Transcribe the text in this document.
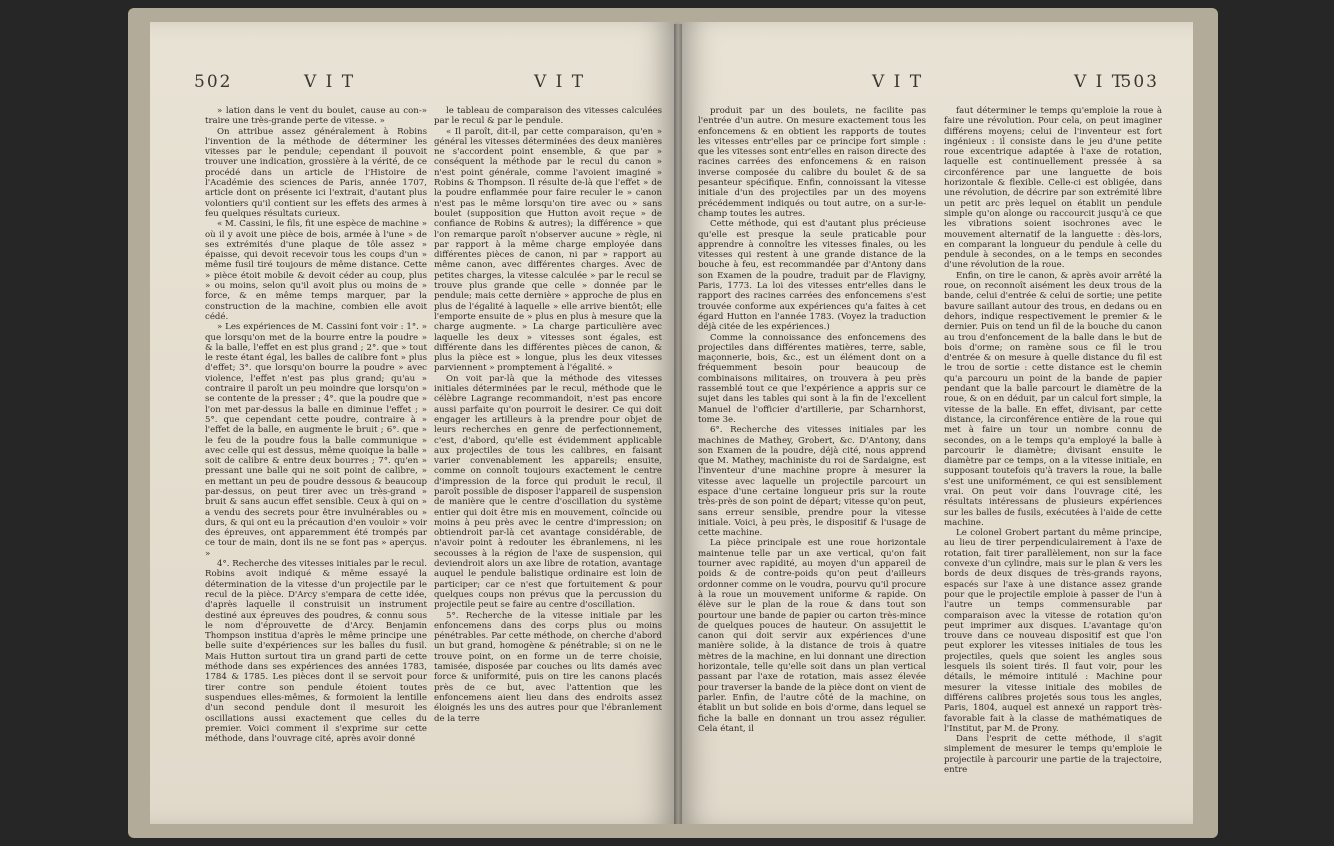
502	V I T	V I T

» lation dans le vent du boulet, cause au con-» traire une très-grande perte de vitesse. »

On attribue assez généralement à Robins l'invention de la méthode de déterminer les vitesses par le pendule; cependant il pouvoit trouver une indication, grossière à la vérité, de ce procédé dans un article de l'Histoire de l'Académie des sciences de Paris, année 1707, article dont on présente ici l'extrait, d'autant plus volontiers qu'il contient sur les effets des armes à feu quelques résultats curieux.

« M. Cassini, le fils, fit une espèce de machine » où il y avoit une pièce de bois, armée à l'une » de ses extrémités d'une plaque de tôle assez » épaisse, qui devoit recevoir tous les coups d'un » même fusil tiré toujours de même distance. Cette » pièce étoit mobile & devoit céder au coup, plus » ou moins, selon qu'il avoit plus ou moins de » force, & en même temps marquer, par la construction de la machine, combien elle avoit cédé.

» Les expériences de M. Cassini font voir : 1°. » que lorsqu'on met de la bourre entre la poudre » & la balle, l'effet en est plus grand ; 2°. que » tout le reste étant égal, les balles de calibre font » plus d'effet; 3°. que lorsqu'on bourre la poudre » avec violence, l'effet n'est pas plus grand; qu'au » contraire il paroît un peu moindre que lorsqu'on » se contente de la presser ; 4°. que la poudre que » l'on met par-dessus la balle en diminue l'effet ; » 5°. que cependant cette poudre, contraire à » l'effet de la balle, en augmente le bruit ; 6°. que » le feu de la poudre fous la balle communique » avec celle qui est dessus, même quoique la balle » soit de calibre & entre deux bourres ; 7°. qu'en » pressant une balle qui ne soit point de calibre, » en mettant un peu de poudre dessous & beaucoup par-dessus, on peut tirer avec un très-grand » bruit & sans aucun effet sensible. Ceux à qui on » a vendu des secrets pour être invulnérables ou » durs, & qui ont eu la précaution d'en vouloir » voir des épreuves, ont apparemment été trompés par ce tour de main, dont ils ne se font pas » aperçus. »

4°. Recherche des vitesses initiales par le recul. Robins avoit indiqué & même essayé la détermination de la vitesse d'un projectile par le recul de la pièce. D'Arcy s'empara de cette idée, d'après laquelle il construisit un instrument destiné aux épreuves des poudres, & connu sous le nom d'éprouvette de d'Arcy. Benjamin Thompson institua d'après le même principe une belle suite d'expériences sur les balles du fusil. Mais Hutton surtout tira un grand parti de cette méthode dans ses expériences des années 1783, 1784 & 1785. Les pièces dont il se servoit pour tirer contre son pendule étoient toutes suspendues elles-mêmes, & formoient la lentille d'un second pendule dont il mesuroit les oscillations aussi exactement que celles du premier. Voici comment il s'exprime sur cette méthode, dans l'ouvrage cité, après avoir donné

le tableau de comparaison des vitesses calculées par le recul & par le pendule.

« Il paroît, dit-il, par cette comparaison, qu'en » général les vitesses déterminées des deux manières ne s'accordent point ensemble, & que par » conséquent la méthode par le recul du canon » n'est point générale, comme l'avoient imaginé » Robins & Thompson. Il résulte de-là que l'effet » de la poudre enflammée pour faire reculer le » canon n'est pas le même lorsqu'on tire avec ou » sans boulet (supposition que Hutton avoit reçue » de confiance de Robins & autres); la différence » que l'on remarque paroît n'observer aucune » règle, ni par rapport à la même charge employée dans différentes pièces de canon, ni par » rapport au même canon, avec différentes charges. Avec de petites charges, la vitesse calculée » par le recul se trouve plus grande que celle » donnée par le pendule; mais cette dernière » approche de plus en plus de l'égalité à laquelle » elle arrive bientôt; elle l'emporte ensuite de » plus en plus à mesure que la charge augmente. » La charge particulière avec laquelle les deux » vitesses sont égales, est différente dans les différentes pièces de canon, & plus la pièce est » longue, plus les deux vitesses parviennent » promptement à l'égalité. »

On voit par-là que la méthode des vitesses initiales déterminées par le recul, méthode que le célèbre Lagrange recommandoit, n'est pas encore aussi parfaite qu'on pourroit le desirer. Ce qui doit engager les artilleurs à la prendre pour objet de leurs recherches en genre de perfectionnement, c'est, d'abord, qu'elle est évidemment applicable aux projectiles de tous les calibres, en faisant varier convenablement les appareils; ensuite, comme on connoît toujours exactement le centre d'impression de la force qui produit le recul, il paroît possible de disposer l'appareil de suspension de manière que le centre d'oscillation du système entier qui doit être mis en mouvement, coïncide ou moins à peu près avec le centre d'impression; on obtiendroit par-là cet avantage considérable, de n'avoir point à redouter les ébranlemens, ni les secousses à la région de l'axe de suspension, qui deviendroit alors un axe libre de rotation, avantage auquel le pendule balistique ordinaire est loin de participer; car ce n'est que fortuitement & pour quelques coups non prévus que la percussion du projectile peut se faire au centre d'oscillation.

5°. Recherche de la vitesse initiale par les enfoncemens dans des corps plus ou moins pénétrables. Par cette méthode, on cherche d'abord un but grand, homogène & pénétrable; si on ne le trouve point, on en forme un de terre choisie, tamisée, disposée par couches ou lits damés avec force & uniformité, puis on tire les canons placés près de ce but, avec l'attention que les enfoncemens aient lieu dans des endroits assez éloignés les uns des autres pour que l'ébranlement de la terre

V I T	V I T
503

produit par un des boulets, ne facilite pas l'entrée d'un autre. On mesure exactement tous les enfoncemens & en obtient les rapports de toutes les vitesses entr'elles par ce principe fort simple : que les vitesses sont entr'elles en raison directe des racines carrées des enfoncemens & en raison inverse composée du calibre du boulet & de sa pesanteur spécifique. Enfin, connoissant la vitesse initiale d'un des projectiles par un des moyens précédemment indiqués ou tout autre, on a sur-le-champ toutes les autres.

Cette méthode, qui est d'autant plus précieuse qu'elle est presque la seule praticable pour apprendre à connoître les vitesses finales, ou les vitesses qui restent à une grande distance de la bouche à feu, est recommandée par d'Antony dans son Examen de la poudre, traduit par de Flavigny, Paris, 1773. La loi des vitesses entr'elles dans le rapport des racines carrées des enfoncemens s'est trouvée conforme aux expériences qu'a faites à cet égard Hutton en l'année 1783. (Voyez la traduction déjà citée de les expériences.)

Comme la connoissance des enfoncemens des projectiles dans différentes matières, terre, sable, maçonnerie, bois, &c., est un élément dont on a fréquemment besoin pour beaucoup de combinaisons militaires, on trouvera à peu près rassemblé tout ce que l'expérience a appris sur ce sujet dans les tables qui sont à la fin de l'excellent Manuel de l'officier d'artillerie, par Scharnhorst, tome 3e.

6°. Recherche des vitesses initiales par les machines de Mathey, Grobert, &c. D'Antony, dans son Examen de la poudre, déjà cité, nous apprend que M. Mathey, machiniste du roi de Sardaigne, est l'inventeur d'une machine propre à mesurer la vitesse avec laquelle un projectile parcourt un espace d'une certaine longueur pris sur la route très-près de son point de départ; vitesse qu'on peut, sans erreur sensible, prendre pour la vitesse initiale. Voici, à peu près, le dispositif & l'usage de cette machine.

La pièce principale est une roue horizontale maintenue telle par un axe vertical, qu'on fait tourner avec rapidité, au moyen d'un appareil de poids & de contre-poids qu'on peut d'ailleurs ordonner comme on le voudra, pourvu qu'il procure à la roue un mouvement uniforme & rapide. On élève sur le plan de la roue & dans tout son pourtour une bande de papier ou carton très-mince de quelques pouces de hauteur. On assujettit le canon qui doit servir aux expériences d'une manière solide, à la distance de trois à quatre mètres de la machine, en lui donnant une direction horizontale, telle qu'elle soit dans un plan vertical passant par l'axe de rotation, mais assez élevée pour traverser la bande de la pièce dont on vient de parler. Enfin, de l'autre côté de la machine, on établit un but solide en bois d'orme, dans lequel se fiche la balle en donnant un trou assez régulier. Cela étant, il

faut déterminer le temps qu'emploie la roue à faire une révolution. Pour cela, on peut imaginer différens moyens; celui de l'inventeur est fort ingénieux : il consiste dans le jeu d'une petite roue excentrique adaptée à l'axe de rotation, laquelle est continuellement pressée à sa circonférence par une languette de bois horizontale & flexible. Celle-ci est obligée, dans une révolution, de décrire par son extrémité libre un petit arc près lequel on établit un pendule simple qu'on alonge ou raccourcit jusqu'à ce que les vibrations soient isochrones avec le mouvement alternatif de la languette : dès-lors, en comparant la longueur du pendule à celle du pendule à secondes, on a le temps en secondes d'une révolution de la roue.

Enfin, on tire le canon, & après avoir arrêté la roue, on reconnoît aisément les deux trous de la bande, celui d'entrée & celui de sortie; une petite bavure saillant autour des trous, en dedans ou en dehors, indique respectivement le premier & le dernier. Puis on tend un fil de la bouche du canon au trou d'enfoncement de la balle dans le but de bois d'orme; on ramène sous ce fil le trou d'entrée & on mesure à quelle distance du fil est le trou de sortie : cette distance est le chemin qu'a parcouru un point de la bande de papier pendant que la balle parcourt le diamètre de la roue, & on en déduit, par un calcul fort simple, la vitesse de la balle. En effet, divisant, par cette distance, la circonférence entière de la roue qui met à faire un tour un nombre connu de secondes, on a le temps qu'a employé la balle à parcourir le diamètre; divisant ensuite le diamètre par ce temps, on a la vitesse initiale, en supposant toutefois qu'à travers la roue, la balle s'est une uniformément, ce qui est sensiblement vrai. On peut voir dans l'ouvrage cité, les résultats intéressans de plusieurs expériences sur les balles de fusils, exécutées à l'aide de cette machine.

Le colonel Grobert partant du même principe, au lieu de tirer perpendiculairement à l'axe de rotation, fait tirer parallèlement, non sur la face convexe d'un cylindre, mais sur le plan & vers les bords de deux disques de très-grands rayons, espacés sur l'axe à une distance assez grande pour que le projectile emploie à passer de l'un à l'autre un temps commensurable par comparaison avec la vitesse de rotation qu'on peut imprimer aux disques. L'avantage qu'on trouve dans ce nouveau dispositif est que l'on peut explorer les vitesses initiales de tous les projectiles, quels que soient les angles sous lesquels ils soient tirés. Il faut voir, pour les détails, le mémoire intitulé : Machine pour mesurer la vitesse initiale des mobiles de différens calibres projetés sous tous les angles, Paris, 1804, auquel est annexé un rapport très-favorable fait à la classe de mathématiques de l'Institut, par M. de Prony.

Dans l'esprit de cette méthode, il s'agit simplement de mesurer le temps qu'emploie le projectile à parcourir une partie de la trajectoire, entre
